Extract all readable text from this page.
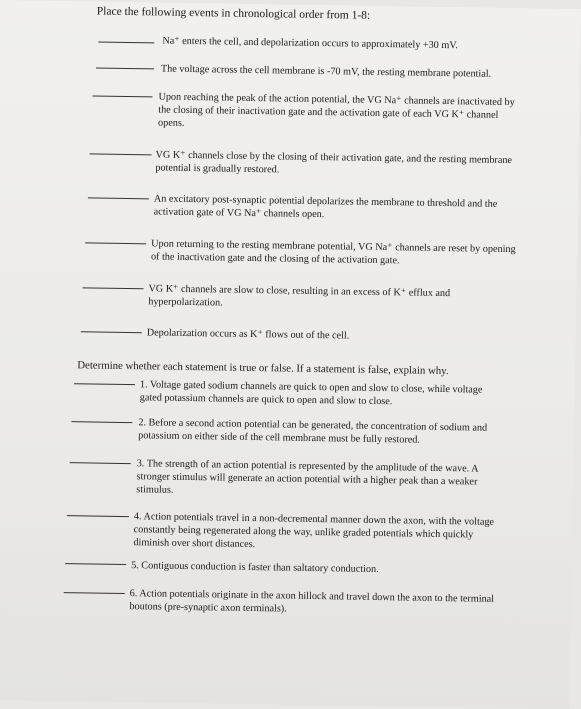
Place the following events in chronological order from 1-8:
Na⁺ enters the cell, and depolarization occurs to approximately +30 mV.
The voltage across the cell membrane is -70 mV, the resting membrane potential.
Upon reaching the peak of the action potential, the VG Na⁺ channels are inactivated by the closing of their inactivation gate and the activation gate of each VG K⁺ channel opens.
VG K⁺ channels close by the closing of their activation gate, and the resting membrane potential is gradually restored.
An excitatory post-synaptic potential depolarizes the membrane to threshold and the activation gate of VG Na⁺ channels open.
Upon returning to the resting membrane potential, VG Na⁺ channels are reset by opening of the inactivation gate and the closing of the activation gate.
VG K⁺ channels are slow to close, resulting in an excess of K⁺ efflux and hyperpolarization.
Depolarization occurs as K⁺ flows out of the cell.
Determine whether each statement is true or false. If a statement is false, explain why.
1. Voltage gated sodium channels are quick to open and slow to close, while voltage gated potassium channels are quick to open and slow to close.
2. Before a second action potential can be generated, the concentration of sodium and potassium on either side of the cell membrane must be fully restored.
3. The strength of an action potential is represented by the amplitude of the wave. A stronger stimulus will generate an action potential with a higher peak than a weaker stimulus.
4. Action potentials travel in a non-decremental manner down the axon, with the voltage constantly being regenerated along the way, unlike graded potentials which quickly diminish over short distances.
5. Contiguous conduction is faster than saltatory conduction.
6. Action potentials originate in the axon hillock and travel down the axon to the terminal boutons (pre-synaptic axon terminals).
